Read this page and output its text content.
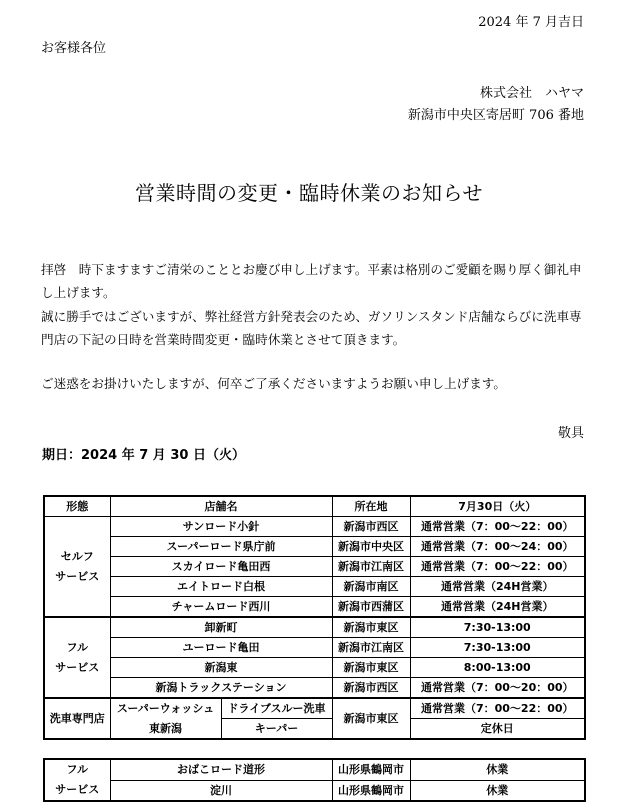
2024 年 7 月吉日
お客様各位
株式会社　ハヤマ
新潟市中央区寄居町 706 番地
営業時間の変更・臨時休業のお知らせ
拝啓　時下ますますご清栄のこととお慶び申し上げます。平素は格別のご愛顧を賜り厚く御礼申し上げます。
誠に勝手ではございますが、弊社経営方針発表会のため、ガソリンスタンド店舗ならびに洗車専門店の下記の日時を営業時間変更・臨時休業とさせて頂きます。
ご迷惑をお掛けいたしますが、何卒ご了承くださいますようお願い申し上げます。
敬具
期日：2024 年 7 月 30 日（火）
形態	店舗名		所在地	7月30日（火）

セルフ
サービス	サンロード小針		新潟市西区	通常営業（7：00～22：00）
	スーパーロード県庁前		新潟市中央区	通常営業（7：00～24：00）
	スカイロード亀田西		新潟市江南区	通常営業（7：00～22：00）
	エイトロード白根		新潟市南区	通常営業（24H営業）
	チャームロード西川		新潟市西蒲区	通常営業（24H営業）

フル
サービス	卸新町		新潟市東区	7:30-13:00
	ユーロード亀田		新潟市江南区	7:30-13:00
	新潟東		新潟市東区	8:00-13:00
	新潟トラックステーション		新潟市西区	通常営業（7：00～20：00）
洗車専門店	スーパーウォッシュ	ドライブスルー洗車	新潟市東区	通常営業（7：00～22：00）
	東新潟	キーパー		定休日
フル
サービス	おばこロード道形	山形県鶴岡市	休業
	淀川	山形県鶴岡市	休業
